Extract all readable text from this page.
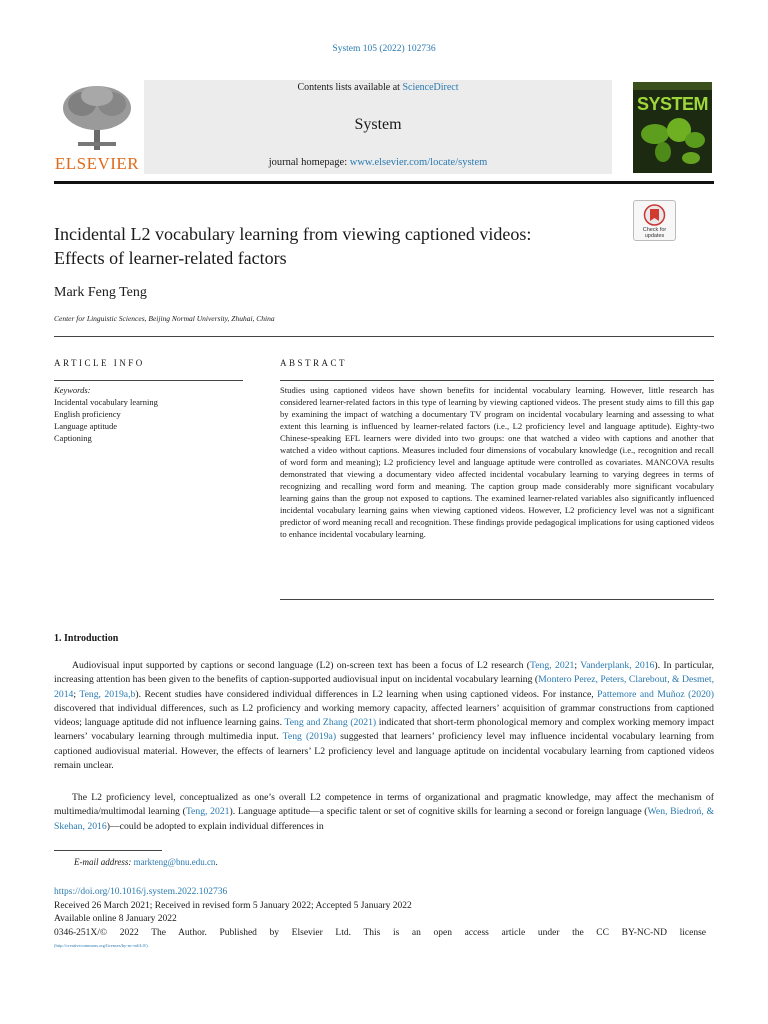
System 105 (2022) 102736
ELSEVIER
Contents lists available at ScienceDirect
System
journal homepage: www.elsevier.com/locate/system
SYSTEM
Check for
updates
Incidental L2 vocabulary learning from viewing captioned videos:
Effects of learner-related factors
Mark Feng Teng
Center for Linguistic Sciences, Beijing Normal University, Zhuhai, China
ARTICLE INFO	ABSTRACT
Keywords:
Incidental vocabulary learning
English proficiency
Language aptitude
Captioning

Studies using captioned videos have shown benefits for incidental vocabulary learning. However, little research has considered learner-related factors in this type of learning by viewing captioned videos. The present study aims to fill this gap by examining the impact of watching a documentary TV program on incidental vocabulary learning and assessing to what extent this learning is influenced by learner-related factors (i.e., L2 proficiency level and language aptitude). Eighty-two Chinese-speaking EFL learners were divided into two groups: one that watched a video with captions and another that watched a video without captions. Measures included four dimensions of vocabulary knowledge (i.e., recognition and recall of word form and meaning); L2 proficiency level and language aptitude were controlled as covariates. MANCOVA results demonstrated that viewing a documentary video affected incidental vocabulary learning to varying degrees in terms of recognizing and recalling word form and meaning. The caption group made considerably more significant vocabulary learning gains than the group not exposed to captions. The examined learner-related variables also significantly influenced incidental vocabulary learning gains when viewing captioned videos. However, L2 proficiency level was not a significant predictor of word meaning recall and recognition. These findings provide pedagogical implications for using captioned videos to enhance incidental vocabulary learning.

1. Introduction

Audiovisual input supported by captions or second language (L2) on-screen text has been a focus of L2 research (Teng, 2021; Vanderplank, 2016). In particular, increasing attention has been given to the benefits of caption-supported audiovisual input on incidental vocabulary learning (Montero Perez, Peters, Clarebout, & Desmet, 2014; Teng, 2019a,b). Recent studies have considered individual differences in L2 learning when using captioned videos. For instance, Pattemore and Muñoz (2020) discovered that individual differences, such as L2 proficiency and working memory capacity, affected learners’ acquisition of grammar constructions from captioned videos; language aptitude did not influence learning gains. Teng and Zhang (2021) indicated that short-term phonological memory and complex working memory impact learners’ vocabulary learning through multimedia input. Teng (2019a) suggested that learners’ proficiency level may influence incidental vocabulary learning from captioned audiovisual material. However, the effects of learners’ L2 proficiency level and language aptitude on incidental vocabulary learning from captioned videos remain unclear.

The L2 proficiency level, conceptualized as one’s overall L2 competence in terms of organizational and pragmatic knowledge, may affect the mechanism of multimedia/multimodal learning (Teng, 2021). Language aptitude—a specific talent or set of cognitive skills for learning a second or foreign language (Wen, Biedroń, & Skehan, 2016)—could be adopted to explain individual differences in

E-mail address: markteng@bnu.edu.cn.
https://doi.org/10.1016/j.system.2022.102736
Received 26 March 2021; Received in revised form 5 January 2022; Accepted 5 January 2022
Available online 8 January 2022
0346-251X/© 2022 The Author. Published by Elsevier Ltd. This is an open access article under the CC BY-NC-ND license
(http://creativecommons.org/licenses/by-nc-nd/4.0/).
